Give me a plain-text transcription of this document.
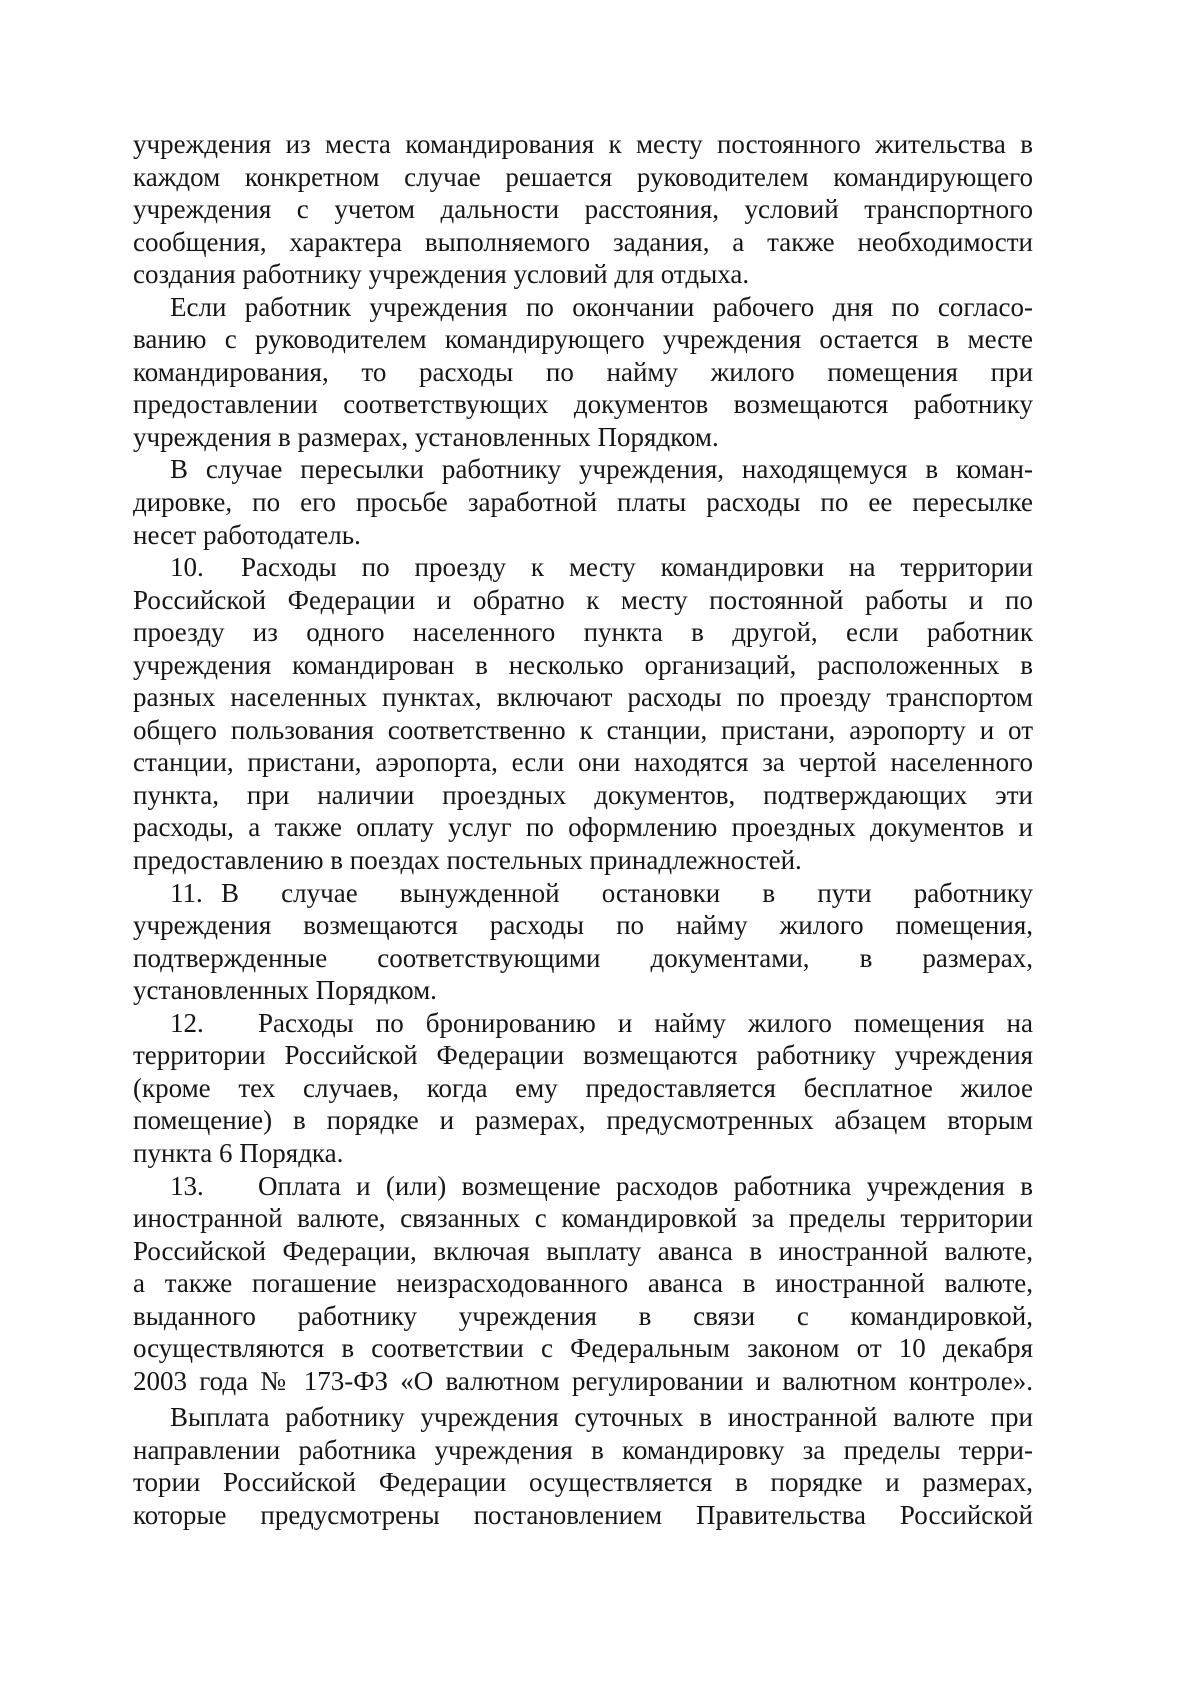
учреждения из места командирования к месту постоянного жительства в
каждом конкретном случае решается руководителем командирующего
учреждения с учетом дальности расстояния, условий транспортного
сообщения, характера выполняемого задания, а также необходимости
создания работнику учреждения условий для отдыха.
Если работник учреждения по окончании рабочего дня по согласо-
ванию с руководителем командирующего учреждения остается в месте
командирования, то расходы по найму жилого помещения при
предоставлении соответствующих документов возмещаются работнику
учреждения в размерах, установленных Порядком.
В случае пересылки работнику учреждения, находящемуся в коман-
дировке, по его просьбе заработной платы расходы по ее пересылке
несет работодатель.
10.	Расходы по проезду к месту командировки на территории
Российской Федерации и обратно к месту постоянной работы и по
проезду из одного населенного пункта в другой, если работник
учреждения командирован в несколько организаций, расположенных в
разных населенных пунктах, включают расходы по проезду транспортом
общего пользования соответственно к станции, пристани, аэропорту и от
станции, пристани, аэропорта, если они находятся за чертой населенного
пункта, при наличии проездных документов, подтверждающих эти
расходы, а также оплату услуг по оформлению проездных документов и
предоставлению в поездах постельных принадлежностей.
11. В случае вынужденной остановки в пути работнику
учреждения возмещаются расходы по найму жилого помещения,
подтвержденные соответствующими документами, в размерах,
установленных Порядком.
12.	Расходы по бронированию и найму жилого помещения на
территории Российской Федерации возмещаются работнику учреждения
(кроме тех случаев, когда ему предоставляется бесплатное жилое
помещение) в порядке и размерах, предусмотренных абзацем вторым
пункта 6 Порядка.
13.	Оплата и (или) возмещение расходов работника учреждения в
иностранной валюте, связанных с командировкой за пределы территории
Российской Федерации, включая выплату аванса в иностранной валюте,
а также погашение неизрасходованного аванса в иностранной валюте,
выданного работнику учреждения в связи с командировкой,
осуществляются в соответствии с Федеральным законом от 10 декабря
2003 года № 173-ФЗ «О валютном регулировании и валютном контроле».
Выплата работнику учреждения суточных в иностранной валюте при
направлении работника учреждения в командировку за пределы терри-
тории Российской Федерации осуществляется в порядке и размерах,
которые предусмотрены постановлением Правительства Российской
